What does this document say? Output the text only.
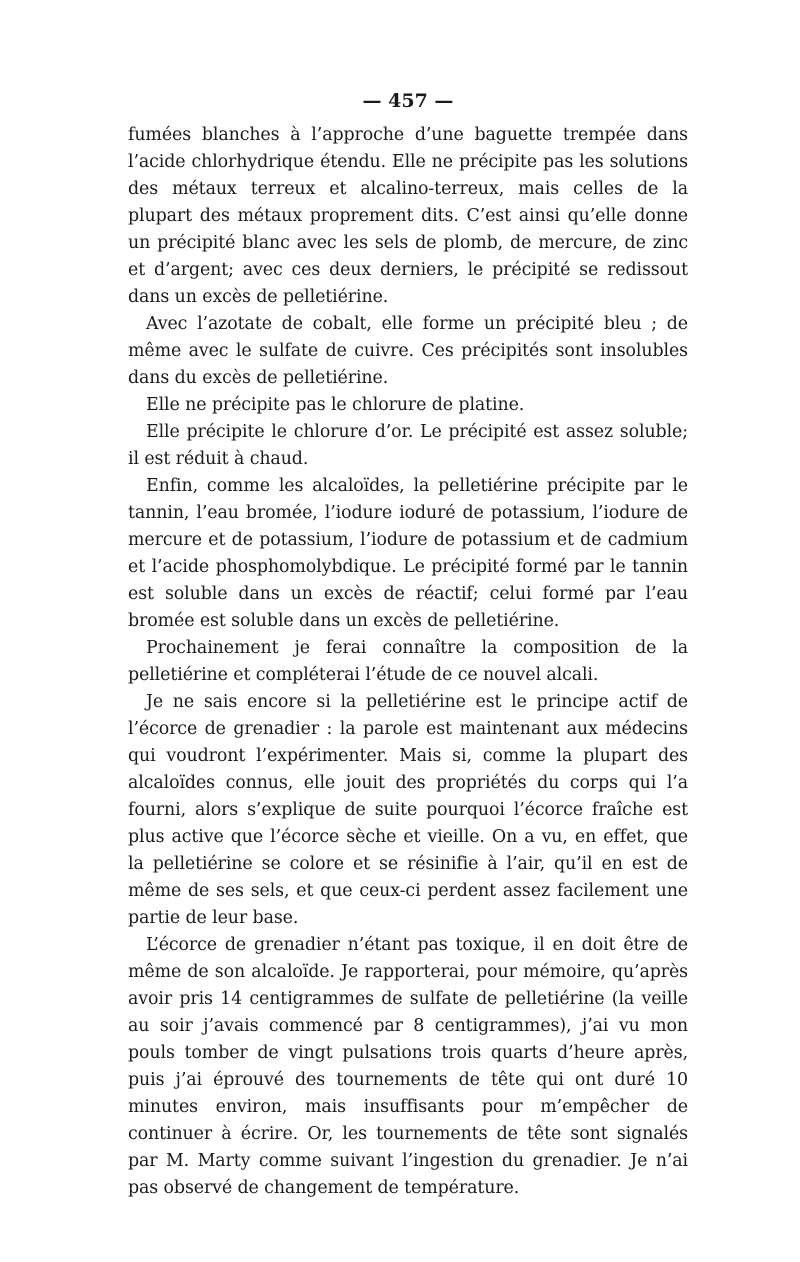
— 457 —

fumées blanches à l’approche d’une baguette trempée dans l’acide chlorhydrique étendu. Elle ne précipite pas les solutions des métaux terreux et alcalino-terreux, mais celles de la plupart des métaux proprement dits. C’est ainsi qu’elle donne un précipité blanc avec les sels de plomb, de mercure, de zinc et d’argent; avec ces deux derniers, le précipité se redissout dans un excès de pelletiérine.

Avec l’azotate de cobalt, elle forme un précipité bleu ; de même avec le sulfate de cuivre. Ces précipités sont insolubles dans du excès de pelletiérine.

Elle ne précipite pas le chlorure de platine.

Elle précipite le chlorure d’or. Le précipité est assez soluble; il est réduit à chaud.

Enfin, comme les alcaloïdes, la pelletiérine précipite par le tannin, l’eau bromée, l’iodure ioduré de potassium, l’iodure de mercure et de potassium, l’iodure de potassium et de cadmium et l’acide phosphomolybdique. Le précipité formé par le tannin est soluble dans un excès de réactif; celui formé par l’eau bromée est soluble dans un excès de pelletiérine.

Prochainement je ferai connaître la composition de la pelletiérine et compléterai l’étude de ce nouvel alcali.

Je ne sais encore si la pelletiérine est le principe actif de l’écorce de grenadier : la parole est maintenant aux médecins qui voudront l’expérimenter. Mais si, comme la plupart des alcaloïdes connus, elle jouit des propriétés du corps qui l’a fourni, alors s’explique de suite pourquoi l’écorce fraîche est plus active que l’écorce sèche et vieille. On a vu, en effet, que la pelletiérine se colore et se résinifie à l’air, qu’il en est de même de ses sels, et que ceux-ci perdent assez facilement une partie de leur base.

L’écorce de grenadier n’étant pas toxique, il en doit être de même de son alcaloïde. Je rapporterai, pour mémoire, qu’après avoir pris 14 centigrammes de sulfate de pelletiérine (la veille au soir j’avais commencé par 8 centigrammes), j’ai vu mon pouls tomber de vingt pulsations trois quarts d’heure après, puis j’ai éprouvé des tournements de tête qui ont duré 10 minutes environ, mais insuffisants pour m’empêcher de continuer à écrire. Or, les tournements de tête sont signalés par M. Marty comme suivant l’ingestion du grenadier. Je n’ai pas observé de changement de température.
